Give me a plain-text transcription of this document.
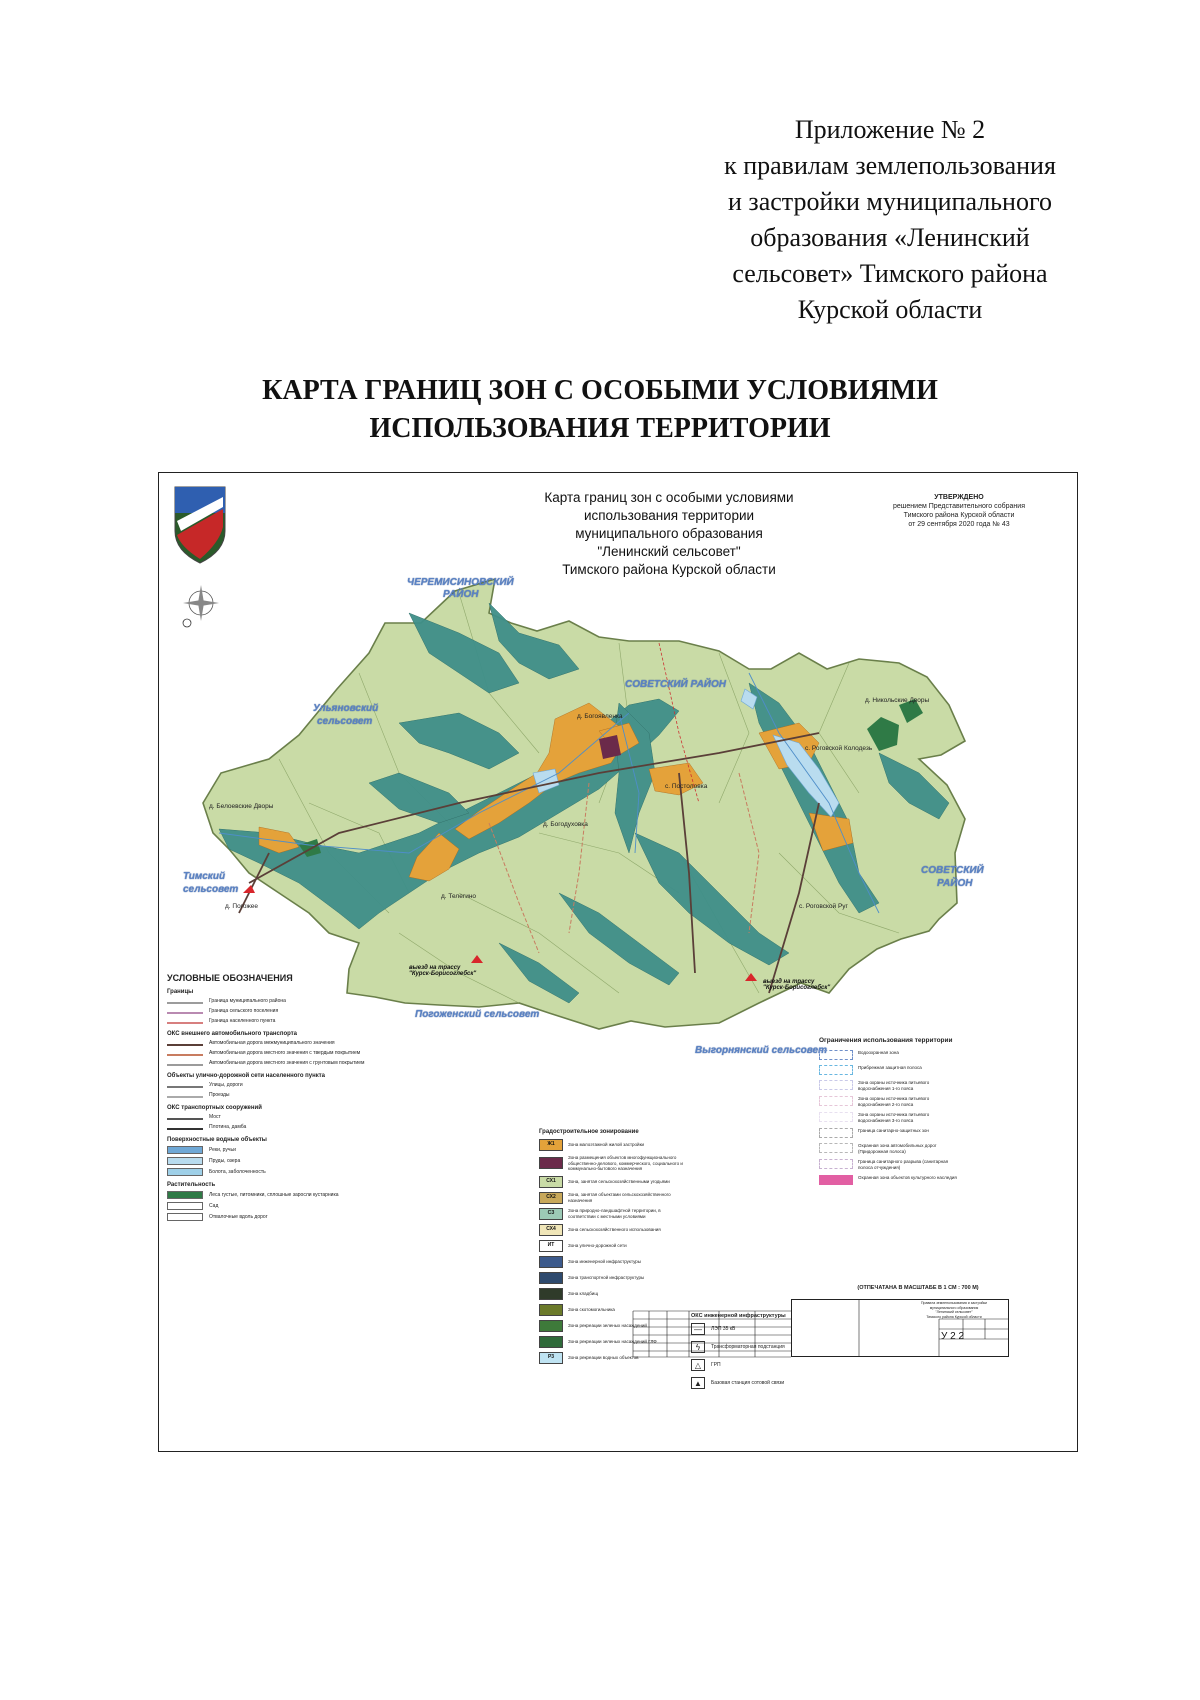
Приложение № 2
к правилам землепользования
и застройки муниципального
образования «Ленинский
сельсовет» Тимского района
Курской области
КАРТА ГРАНИЦ ЗОН С ОСОБЫМИ УСЛОВИЯМИ
ИСПОЛЬЗОВАНИЯ ТЕРРИТОРИИ
Карта границ зон с особыми условиями
использования территории
муниципального образования
"Ленинский сельсовет"
Тимского района Курской области
УТВЕРЖДЕНО
решением Представительного собрания
Тимского района Курской области
от 29 сентября 2020 года № 43
ЧЕРЕМИСИНОВСКИЙ
РАЙОН
Ульяновский
сельсовет
СОВЕТСКИЙ РАЙОН
СОВЕТСКИЙ
РАЙОН
Тимский
сельсовет
Погоженский сельсовет
Выгорнянский сельсовет
д. Богоявленка
с. Постоловка
с. Роговской Колодезь
с. Роговской Руг
д. Белоевские Дворы
д. Погожее
д. Телегино
д. Богодуховка
д. Никольские Дворы
выезд на трассу
"Курск-Борисоглебск"
выезд на трассу
"Курск-Борисоглебск"
УСЛОВНЫЕ ОБОЗНАЧЕНИЯ
Границы
Граница муниципального района
Граница сельского поселения
Граница населенного пункта
ОКС внешнего автомобильного транспорта
Автомобильная дорога межмуниципального значения
Автомобильная дорога местного значения с твердым покрытием
Автомобильная дорога местного значения с грунтовым покрытием
Объекты улично-дорожной сети населенного пункта
Улицы, дороги
Проезды
ОКС транспортных сооружений
Мост
Плотина, дамба
Поверхностные водные объекты
Реки, ручьи
Пруды, озера
Болота, заболоченность
Растительность
Леса густые, питомники, сплошные заросли кустарника
Сад
Отвалочные вдоль дорог
Градостроительное зонирование
Ж1	Зона малоэтажной жилой застройки
Зона размещения объектов многофункционального общественно-делового, коммерческого, социального и коммунально-бытового назначения
СХ1	Зона, занятая сельскохозяйственными угодьями
СХ2	Зона, занятая объектами сельскохозяйственного назначения
СЗ	Зона природно-ландшафтной территории, в соответствии с местными условиями
СХ4	Зона сельскохозяйственного использования
ИТ	Зона улично-дорожной сети
Зона инженерной инфраструктуры
Зона транспортной инфраструктуры
Зона кладбищ
Зона скотомогильника
Зона рекреации зеленых насаждений
Зона рекреации зеленых насаждений ГЛФ
Р3	Зона рекреации водных объектов
ОКС инженерной инфраструктуры
—	ЛЭП 35 кВ
ϟ	Трансформаторная подстанция
△	ГРП
▲	Базовая станция сотовой связи
Ограничения использования территории
Водоохранная зона
Прибрежная защитная полоса
Зона охраны источника питьевого водоснабжения 1-го пояса
Зона охраны источника питьевого водоснабжения 2-го пояса
Зона охраны источника питьевого водоснабжения 3-го пояса
Граница санитарно-защитных зон
Охранная зона автомобильных дорог (Придорожная полоса)
Граница санитарного разрыва (санитарная полоса отчуждения)
Охранная зона объектов культурного наследия
(ОТПЕЧАТАНА В МАСШТАБЕ В 1 СМ : 700 М)
Правила землепользования и застройки
муниципального образования
"Ленинский сельсовет"
Тимского района Курской области
У 2 2
